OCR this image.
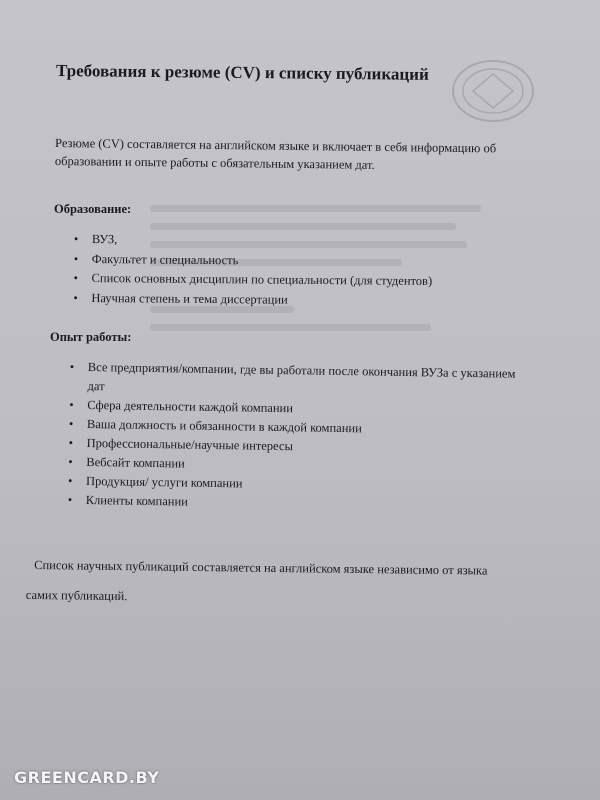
Требования к резюме (CV) и списку публикаций
Резюме (CV) составляется на английском языке и включает в себя информацию об
образовании и опыте работы с обязательным указанием дат.
Образование:
• ВУЗ,
• Факультет и специальность
• Список основных дисциплин по специальности (для студентов)
• Научная степень и тема диссертации
Опыт работы:
• Все предприятия/компании, где вы работали после окончания ВУЗа с указанием
дат
• Сфера деятельности каждой компании
• Ваша должность и обязанности в каждой компании
• Профессиональные/научные интересы
• Вебсайт компании
• Продукция/ услуги компании
• Клиенты компании
Список научных публикаций составляется на английском языке независимо от языка
самих публикаций.
GREENCARD.BY
